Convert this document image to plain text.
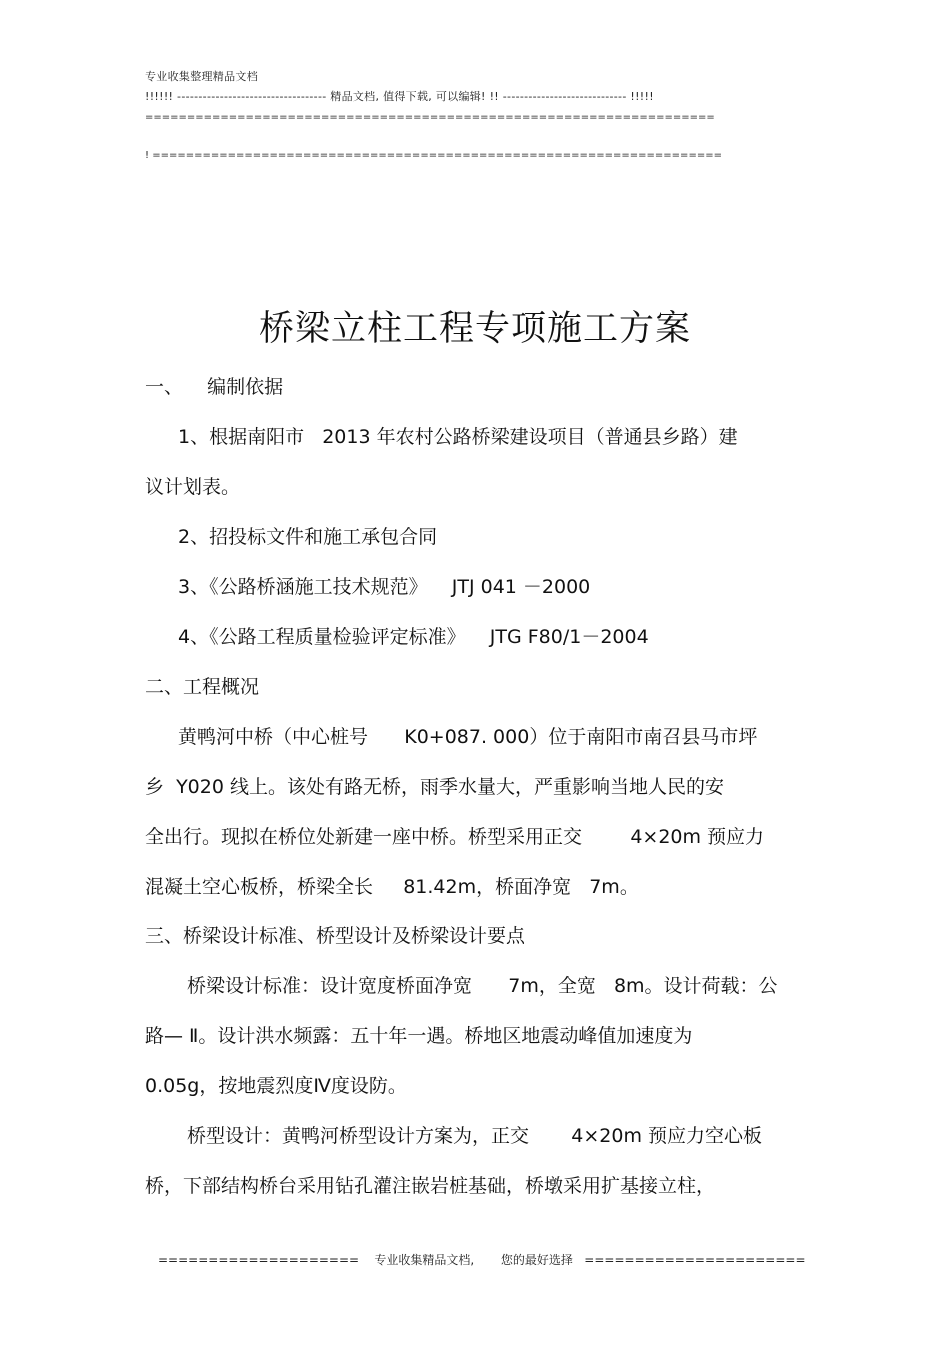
专业收集整理精品文档
!!!!!! ----------------------------------- 精品文档, 值得下载, 可以编辑! !! ----------------------------- !!!!!
====================================================================
! ====================================================================
桥梁立柱工程专项施工方案
一、    编制依据
1、根据南阳市   2013 年农村公路桥梁建设项目（普通县乡路）建
议计划表。
2、招投标文件和施工承包合同
3、《公路桥涵施工技术规范》    JTJ 041 －2000
4、《公路工程质量检验评定标准》    JTG F80/1－2004
二、工程概况
黄鸭河中桥（中心桩号      K0+087. 000）位于南阳市南召县马市坪
乡  Y020 线上。该处有路无桥，雨季水量大，严重影响当地人民的安
全出行。现拟在桥位处新建一座中桥。桥型采用正交        4×20m 预应力
混凝土空心板桥，桥梁全长     81.42m，桥面净宽   7m。
三、桥梁设计标准、桥型设计及桥梁设计要点
桥梁设计标准：设计宽度桥面净宽      7m，全宽   8m。设计荷载：公
路— Ⅱ。设计洪水频露：五十年一遇。桥地区地震动峰值加速度为
0.05g，按地震烈度Ⅳ度设防。
桥型设计：黄鸭河桥型设计方案为，正交       4×20m 预应力空心板
桥，下部结构桥台采用钻孔灌注嵌岩桩基础，桥墩采用扩基接立柱，
====================    专业收集精品文档,       您的最好选择   ======================
